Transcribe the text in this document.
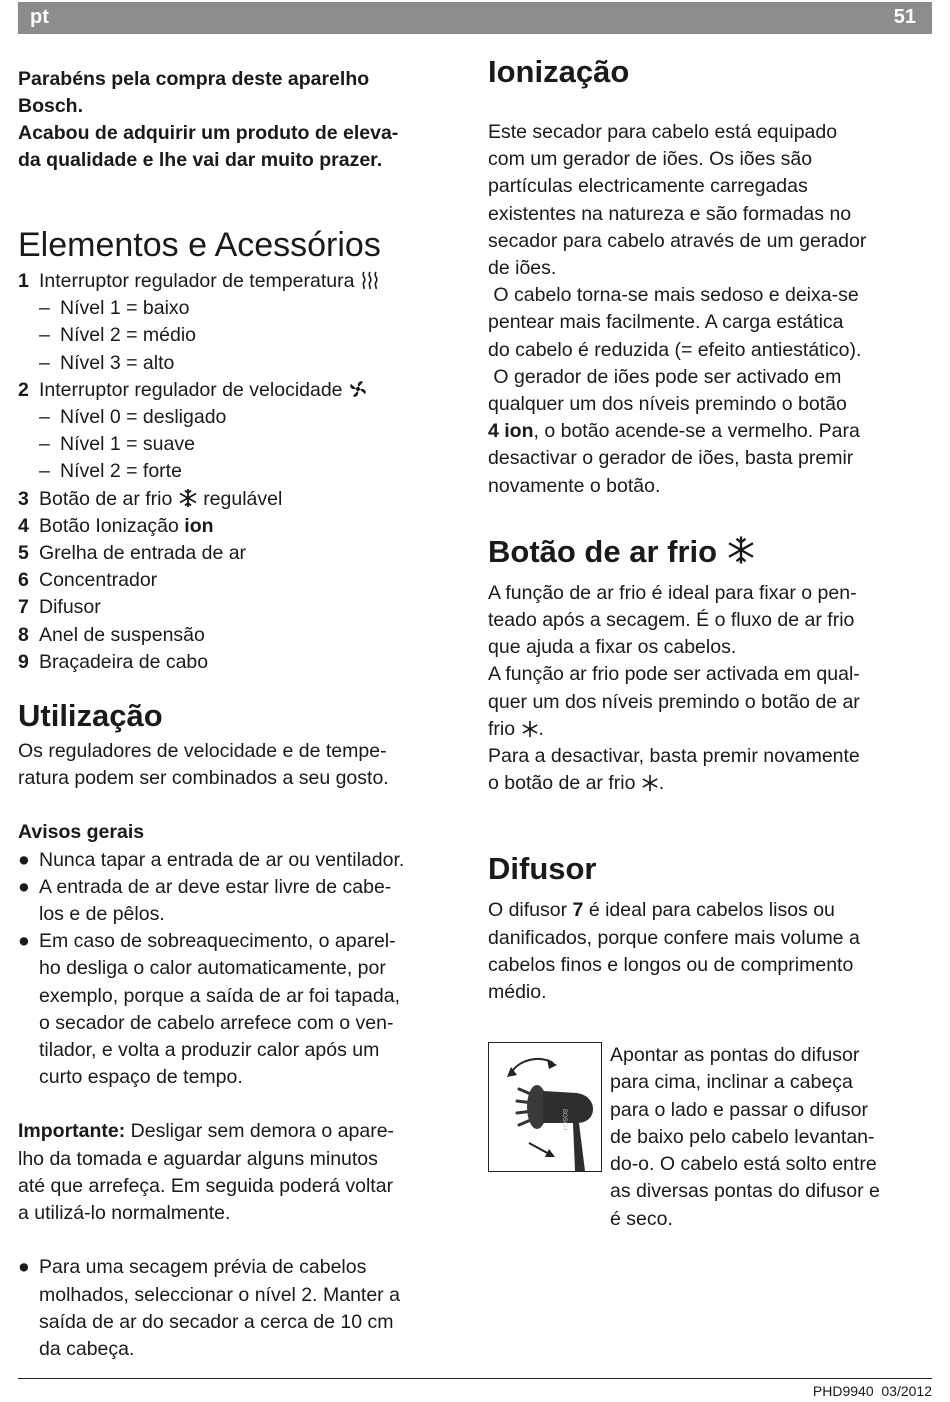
pt	51
Parabéns pela compra deste aparelho
Bosch.
Acabou de adquirir um produto de eleva-
da qualidade e lhe vai dar muito prazer.
Elementos e Acessórios
1 Interruptor regulador de temperatura
– Nível 1 = baixo
– Nível 2 = médio
– Nível 3 = alto
2 Interruptor regulador de velocidade
– Nível 0 = desligado
– Nível 1 = suave
– Nível 2 = forte
3 Botão de ar frio regulável
4 Botão Ionização ion
5 Grelha de entrada de ar
6 Concentrador
7 Difusor
8 Anel de suspensão
9 Braçadeira de cabo
Utilização

Os reguladores de velocidade e de tempe-

ratura podem ser combinados a seu gosto.

Avisos gerais

● Nunca tapar a entrada de ar ou ventilador.
● A entrada de ar deve estar livre de cabe-
los e de pêlos.
● Em caso de sobreaquecimento, o aparel-
ho desliga o calor automaticamente, por
exemplo, porque a saída de ar foi tapada,
o secador de cabelo arrefece com o ven-
tilador, e volta a produzir calor após um
curto espaço de tempo.

Importante: Desligar sem demora o apare-

lho da tomada e aguardar alguns minutos

até que arrefeça. Em seguida poderá voltar

a utilizá-lo normalmente.

● Para uma secagem prévia de cabelos
molhados, seleccionar o nível 2. Manter a
saída de ar do secador a cerca de 10 cm
da cabeça.
Ionização

Este secador para cabelo está equipado

com um gerador de iões. Os iões são

partículas electricamente carregadas

existentes na natureza e são formadas no

secador para cabelo através de um gerador

de iões.

O cabelo torna-se mais sedoso e deixa-se

pentear mais facilmente. A carga estática

do cabelo é reduzida (= efeito antiestático).

O gerador de iões pode ser activado em

qualquer um dos níveis premindo o botão

4 ion, o botão acende-se a vermelho. Para

desactivar o gerador de iões, basta premir

novamente o botão.

Botão de ar frio

A função de ar frio é ideal para fixar o pen-

teado após a secagem. É o fluxo de ar frio

que ajuda a fixar os cabelos.

A função ar frio pode ser activada em qual-

quer um dos níveis premindo o botão de ar

frio .

Para a desactivar, basta premir novamente

o botão de ar frio .

Difusor

O difusor 7 é ideal para cabelos lisos ou

danificados, porque confere mais volume a

cabelos finos e longos ou de comprimento

médio.

BOSCH

Apontar as pontas do difusor

para cima, inclinar a cabeça

para o lado e passar o difusor

de baixo pelo cabelo levantan-

do-o. O cabelo está solto entre

as diversas pontas do difusor e

é seco.

PHD9940 03/2012
